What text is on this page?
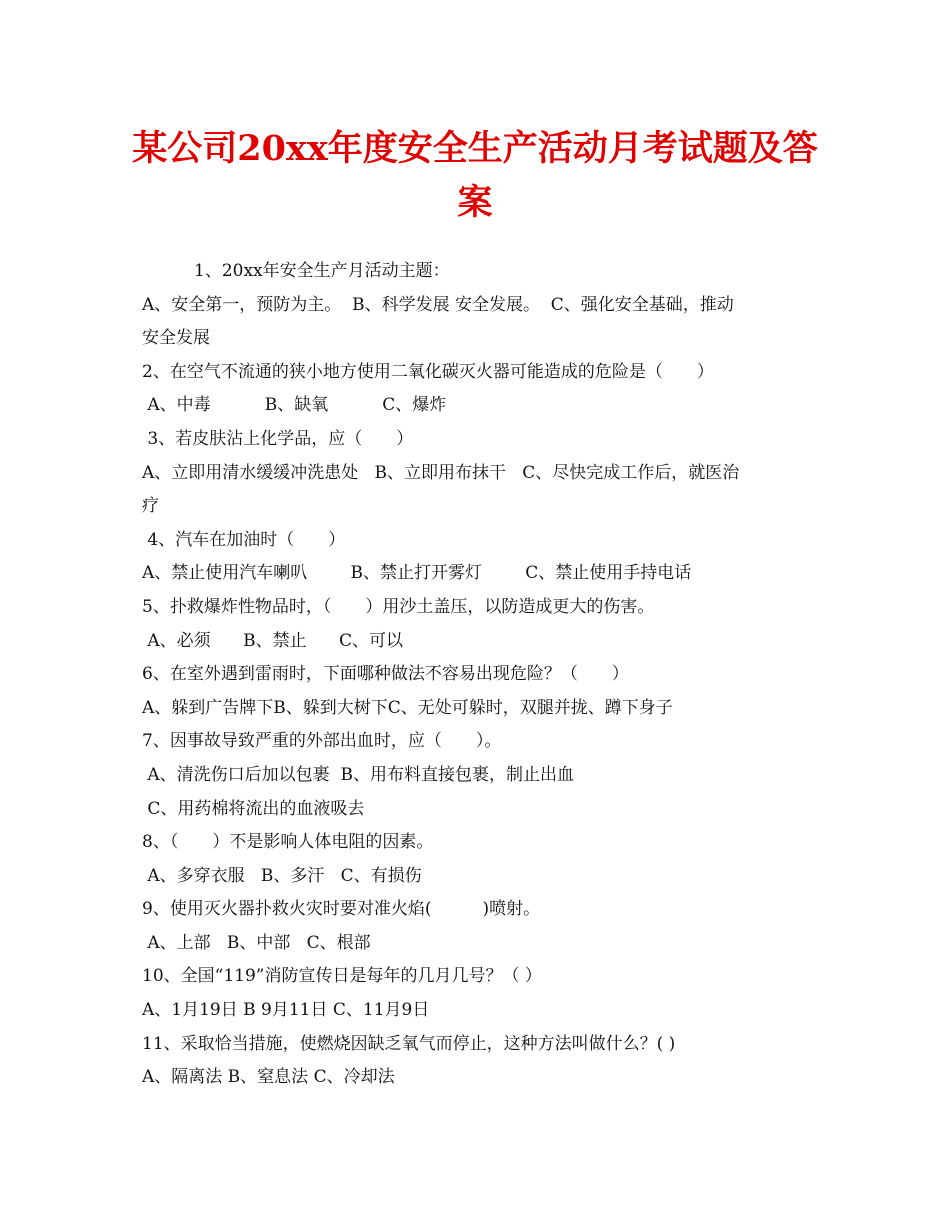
某公司20xx年度安全生产活动月考试题及答案
1、20xx年安全生产月活动主题：
A、安全第一，预防为主。  B、科学发展 安全发展。  C、强化安全基础，推动
安全发展
2、在空气不流通的狭小地方使用二氧化碳灭火器可能造成的危险是（　　）
A、中毒          B、缺氧          C、爆炸
3、若皮肤沾上化学品，应（　　）
A、立即用清水缓缓冲洗患处   B、立即用布抹干   C、尽快完成工作后，就医治
疗
4、汽车在加油时（　　）
A、禁止使用汽车喇叭        B、禁止打开雾灯        C、禁止使用手持电话
5、扑救爆炸性物品时，（　　）用沙土盖压，以防造成更大的伤害。
A、必须      B、禁止      C、可以
6、在室外遇到雷雨时，下面哪种做法不容易出现危险？（　　）
A、躲到广告牌下B、躲到大树下C、无处可躲时，双腿并拢、蹲下身子
7、因事故导致严重的外部出血时，应（　　）。
A、清洗伤口后加以包裹  B、用布料直接包裹，制止出血
C、用药棉将流出的血液吸去
8、（　　）不是影响人体电阻的因素。
A、多穿衣服   B、多汗   C、有损伤
9、使用灭火器扑救火灾时要对准火焰(　　　)喷射。
A、上部   B、中部   C、根部
10、全国“119”消防宣传日是每年的几月几号？（ ）
A、1月19日 B 9月11日 C、11月9日
11、采取恰当措施，使燃烧因缺乏氧气而停止，这种方法叫做什么？( )
A、隔离法 B、窒息法 C、冷却法
